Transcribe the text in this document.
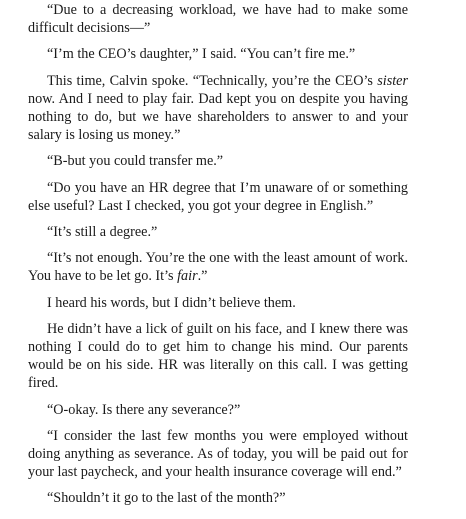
“Due to a decreasing workload, we have had to make some difficult decisions—”

“I’m the CEO’s daughter,” I said. “You can’t fire me.”

This time, Calvin spoke. “Technically, you’re the CEO’s sister now. And I need to play fair. Dad kept you on despite you having nothing to do, but we have shareholders to answer to and your salary is losing us money.”

“B-but you could transfer me.”

“Do you have an HR degree that I’m unaware of or something else useful? Last I checked, you got your degree in English.”

“It’s still a degree.”

“It’s not enough. You’re the one with the least amount of work. You have to be let go. It’s fair.”

I heard his words, but I didn’t believe them.

He didn’t have a lick of guilt on his face, and I knew there was nothing I could do to get him to change his mind. Our parents would be on his side. HR was literally on this call. I was getting fired.

“O-okay. Is there any severance?”

“I consider the last few months you were employed without doing anything as severance. As of today, you will be paid out for your last paycheck, and your health insurance coverage will end.”

“Shouldn’t it go to the last of the month?”
